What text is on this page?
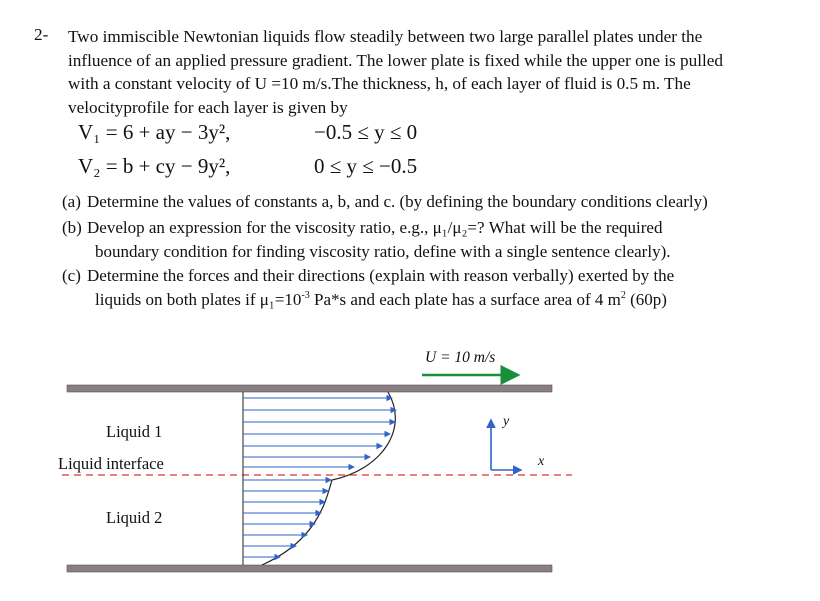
2- Two immiscible Newtonian liquids flow steadily between two large parallel plates under the
influence of an applied pressure gradient. The lower plate is fixed while the upper one is pulled
with a constant velocity of U =10 m/s.The thickness, h, of each layer of fluid is 0.5 m. The
velocityprofile for each layer is given by
V₁ = 6 + ay − 3y²,	−0.5 ≤ y ≤ 0
V₂ = b + cy − 9y²,	0 ≤ y ≤ −0.5
(a) Determine the values of constants a, b, and c. (by defining the boundary conditions clearly)
(b) Develop an expression for the viscosity ratio, e.g., μ₁/μ₂=? What will be the required
boundary condition for finding viscosity ratio, define with a single sentence clearly).
(c) Determine the forces and their directions (explain with reason verbally) exerted by the
liquids on both plates if $\mu_1=10^{-3}$ Pa*s and each plate has a surface area of 4 $m^2$ (60p)
U = 10 m/s
Liquid 1
Liquid interface
Liquid 2
y
x
